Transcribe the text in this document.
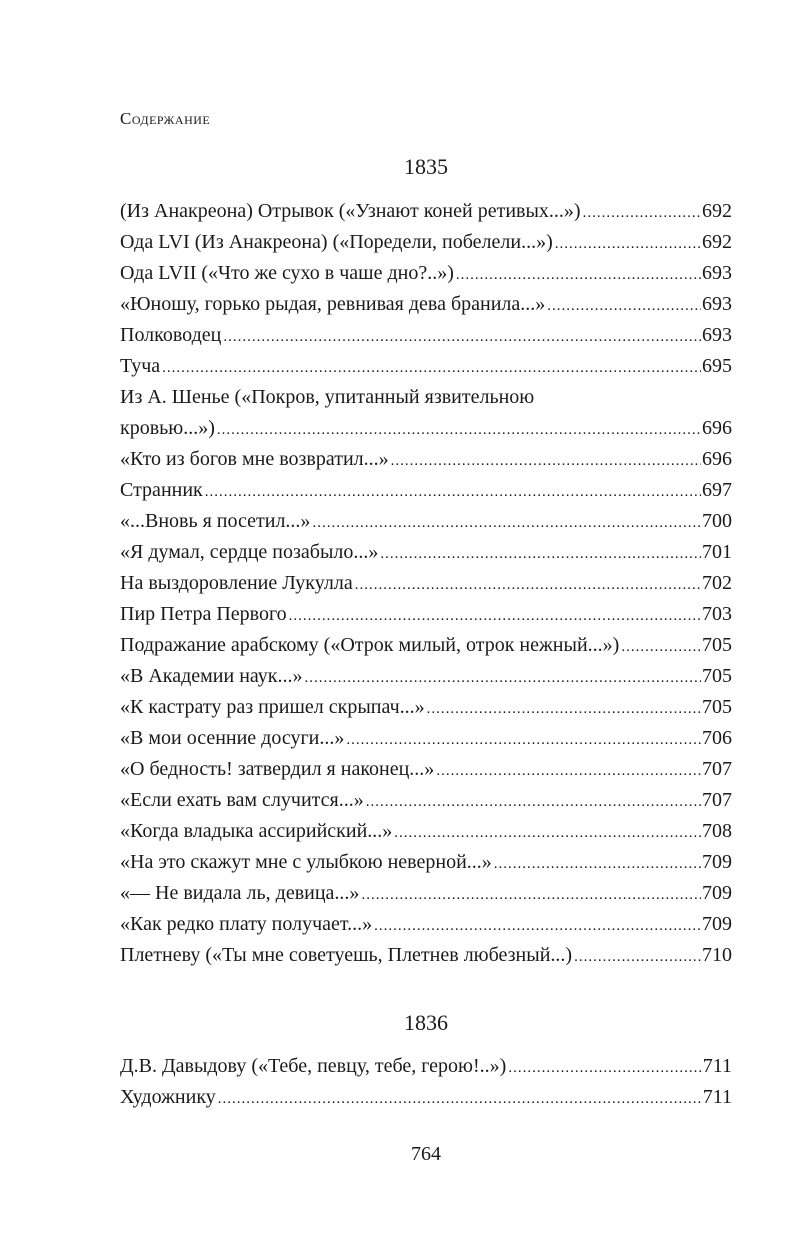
Содержание
1835
(Из Анакреона) Отрывок («Узнают коней ретивых...») .....	692
Ода LVI (Из Анакреона) («Поредели, побелели...») .....	692
Ода LVII («Что же сухо в чаше дно?..») .....	693
«Юношу, горько рыдая, ревнивая дева бранила...» .....	693
Полководец .....	693
Туча .....	695
Из А. Шенье («Покров, упитанный язвительною
кровью...») .....	696
«Кто из богов мне возвратил...» .....	696
Странник .....	697
«...Вновь я посетил...» .....	700
«Я думал, сердце позабыло...» .....	701
На выздоровление Лукулла .....	702
Пир Петра Первого .....	703
Подражание арабскому («Отрок милый, отрок нежный...») .....	705
«В Академии наук...» .....	705
«К кастрату раз пришел скрыпач...» .....	705
«В мои осенние досуги...» .....	706
«О бедность! затвердил я наконец...» .....	707
«Если ехать вам случится...» .....	707
«Когда владыка ассирийский...» .....	708
«На это скажут мне с улыбкою неверной...» .....	709
«— Не видала ль, девица...» .....	709
«Как редко плату получает...» .....	709
Плетневу («Ты мне советуешь, Плетнев любезный...) .....	710
1836
Д.В. Давыдову («Тебе, певцу, тебе, герою!..») .....	711
Художнику .....	711
764
